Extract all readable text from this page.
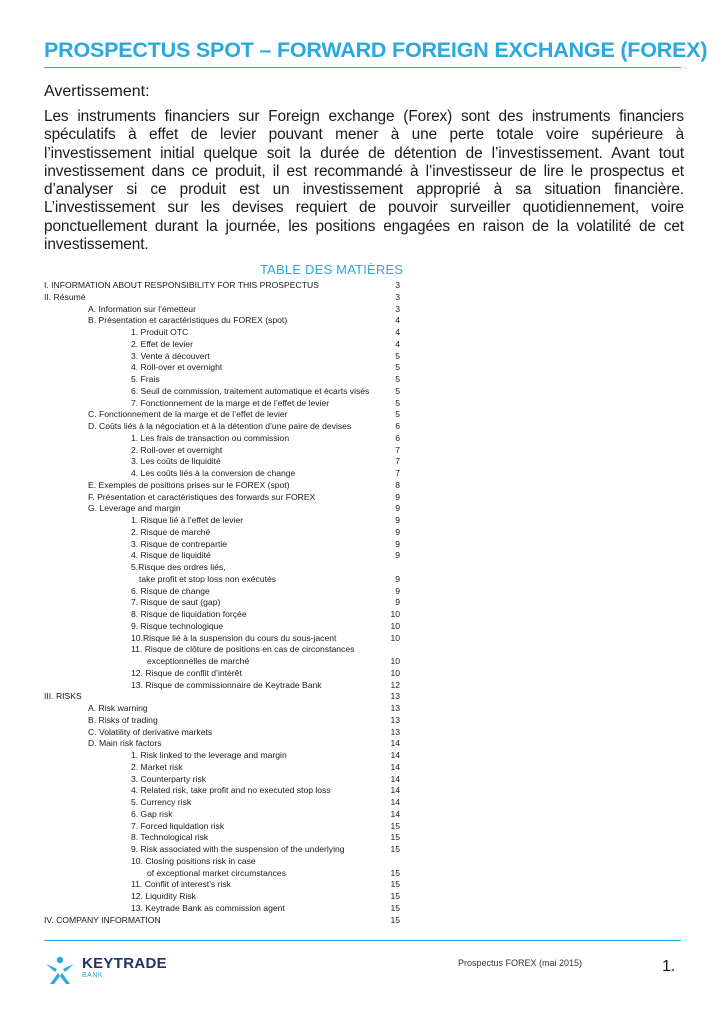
PROSPECTUS SPOT – FORWARD FOREIGN EXCHANGE (FOREX)
Avertissement:
Les instruments financiers sur Foreign exchange (Forex) sont des instruments financiers spéculatifs à effet de levier pouvant mener à une perte totale voire supérieure à l’investissement initial quelque soit la durée de détention de l’investissement. Avant tout investissement dans ce produit, il est recommandé à l’investisseur de lire le prospectus et d’analyser si ce produit est un investissement approprié à sa situation financière. L’investissement sur les devises requiert de pouvoir surveiller quotidiennement, voire ponctuellement durant la journée, les positions engagées en raison de la volatilité de cet investissement.
TABLE DES MATIÈRES
I. INFORMATION ABOUT RESPONSIBILITY FOR THIS PROSPECTUS	3
II. Résumé	3
A. Information sur l’émetteur	3
B. Présentation et caractéristiques du FOREX (spot)	4
1. Produit OTC	4
2. Effet de levier	4
3. Vente à découvert	5
4. Roll-over et overnight	5
5. Frais	5
6. Seuil de commission, traitement automatique et écarts visés	5
7. Fonctionnement de la marge et de l’effet de levier	5
C. Fonctionnement de la marge et de l’effet de levier	5
D. Coûts liés à la négociation et à la détention d’une paire de devises	6
1. Les frais de transaction ou commission	6
2. Roll-over et overnight	7
3. Les coûts de liquidité	7
4. Les coûts liés à la conversion de change	7
E. Exemples de positions prises sur le FOREX (spot)	8
F. Présentation et caractéristiques des forwards sur FOREX	9
G. Leverage and margin	9
1. Risque lié à l’effet de levier	9
2. Risque de marché	9
3. Risque de contrepartie	9
4. Risque de liquidité	9
5.Risque des ordres liés,
take profit et stop loss non exécutés	9
6. Risque de change	9
7. Risque de saut (gap)	9
8. Risque de liquidation forçée	10
9. Risque technologique	10
10.Risque lié à la suspension du cours du sous-jacent	10
11. Risque de clôture de positions en cas de circonstances
exceptionnelles de marché	10
12. Risque de conflit d’intérêt	10
13. Risque de commissionnaire de Keytrade Bank	12
III. RISKS	13
A. Risk warning	13
B. Risks of trading	13
C. Volatility of derivative markets	13
D. Main risk factors	14
1. Risk linked to the leverage and margin	14
2. Market risk	14
3. Counterparty risk	14
4. Related risk, take profit and no executed stop loss	14
5. Currency risk	14
6. Gap risk	14
7. Forced liquidation risk	15
8. Technological risk	15
9. Risk associated with the suspension of the underlying	15
10. Closing positions risk in case
of exceptional market circumstances	15
11. Conflit of interest’s risk	15
12. Liquidity Risk	15
13. Keytrade Bank as commission agent	15
IV. COMPANY INFORMATION	15
KEYTRADE
BANK
Prospectus FOREX (mai 2015)	1.
